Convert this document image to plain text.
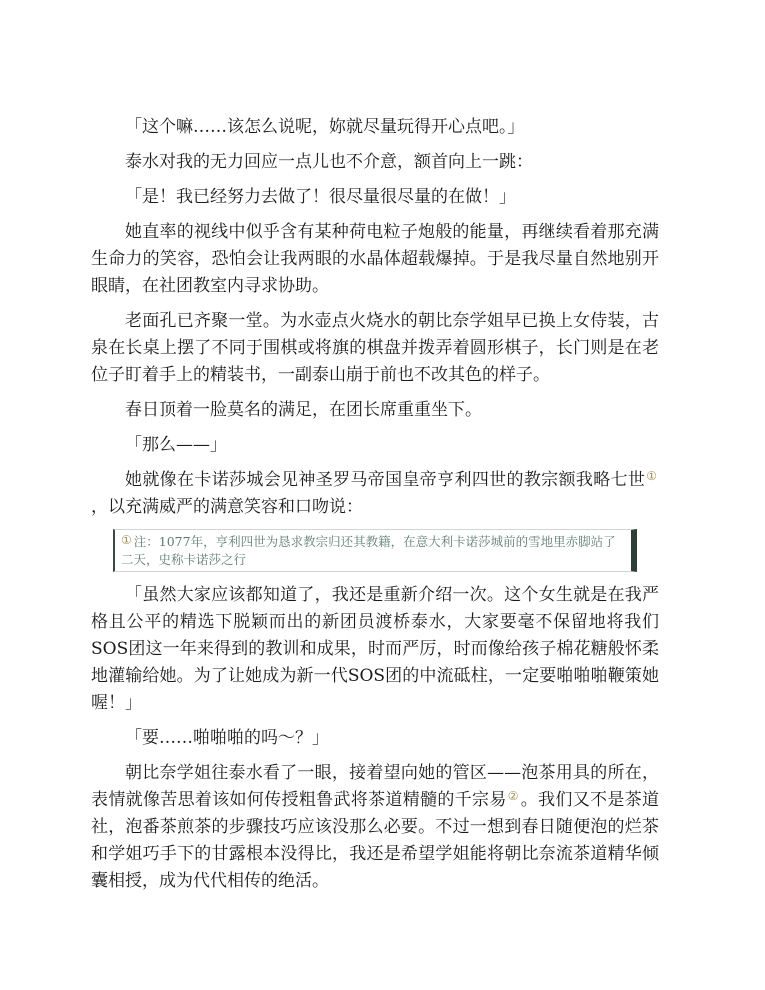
「这个嘛……该怎么说呢，妳就尽量玩得开心点吧。」

泰水对我的无力回应一点儿也不介意，额首向上一跳：

「是！我已经努力去做了！很尽量很尽量的在做！」

她直率的视线中似乎含有某种荷电粒子炮般的能量，再继续看着那充满生命力的笑容，恐怕会让我两眼的水晶体超载爆掉。于是我尽量自然地别开眼睛，在社团教室内寻求协助。

老面孔已齐聚一堂。为水壶点火烧水的朝比奈学姐早已换上女侍装，古泉在长桌上摆了不同于围棋或将旗的棋盘并拨弄着圆形棋子，长门则是在老位子盯着手上的精装书，一副泰山崩于前也不改其色的样子。

春日顶着一脸莫名的满足，在团长席重重坐下。

「那么——」

她就像在卡诺莎城会见神圣罗马帝国皇帝亨利四世的教宗额我略七世①，以充满威严的满意笑容和口吻说：

① 注：1077年，亨利四世为恳求教宗归还其教籍，在意大利卡诺莎城前的雪地里赤脚站了二天，史称卡诺莎之行

「虽然大家应该都知道了，我还是重新介绍一次。这个女生就是在我严格且公平的精选下脱颖而出的新团员渡桥泰水，大家要毫不保留地将我们SOS团这一年来得到的教训和成果，时而严厉，时而像给孩子棉花糖般怀柔地灌输给她。为了让她成为新一代SOS团的中流砥柱，一定要啪啪啪鞭策她喔！」

「要……啪啪啪的吗～？」

朝比奈学姐往泰水看了一眼，接着望向她的管区——泡茶用具的所在，表情就像苦思着该如何传授粗鲁武将茶道精髓的千宗易② 。我们又不是茶道社，泡番茶煎茶的步骤技巧应该没那么必要。不过一想到春日随便泡的烂茶和学姐巧手下的甘露根本没得比，我还是希望学姐能将朝比奈流茶道精华倾囊相授，成为代代相传的绝活。
